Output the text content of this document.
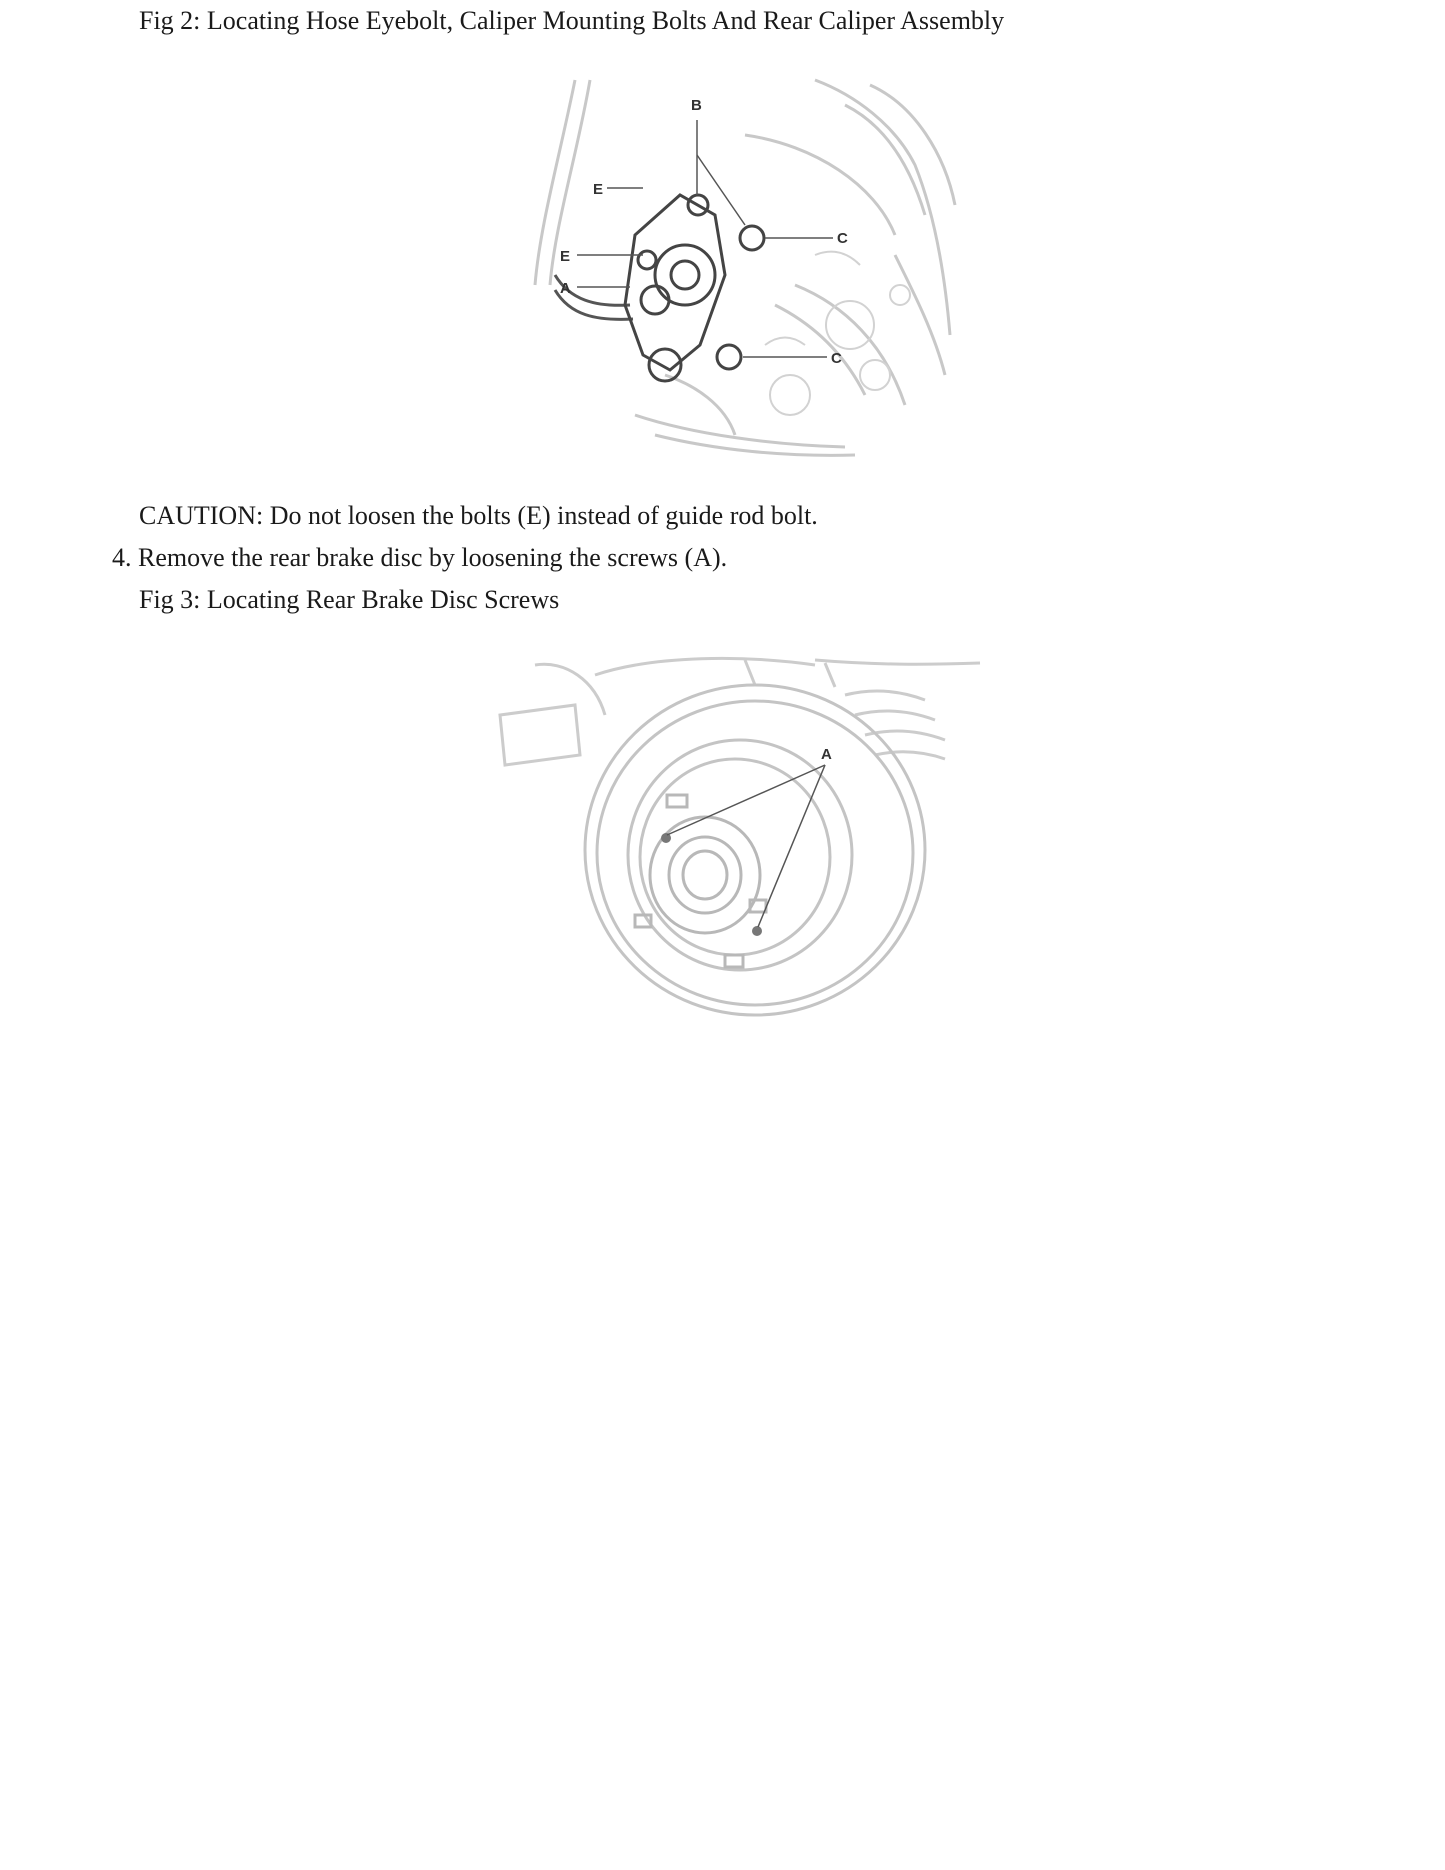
Fig 2: Locating Hose Eyebolt, Caliper Mounting Bolts And Rear Caliper Assembly
B
E
E
A
C
C
CAUTION: Do not loosen the bolts (E) instead of guide rod bolt.
4. Remove the rear brake disc by loosening the screws (A).
Fig 3: Locating Rear Brake Disc Screws
A
